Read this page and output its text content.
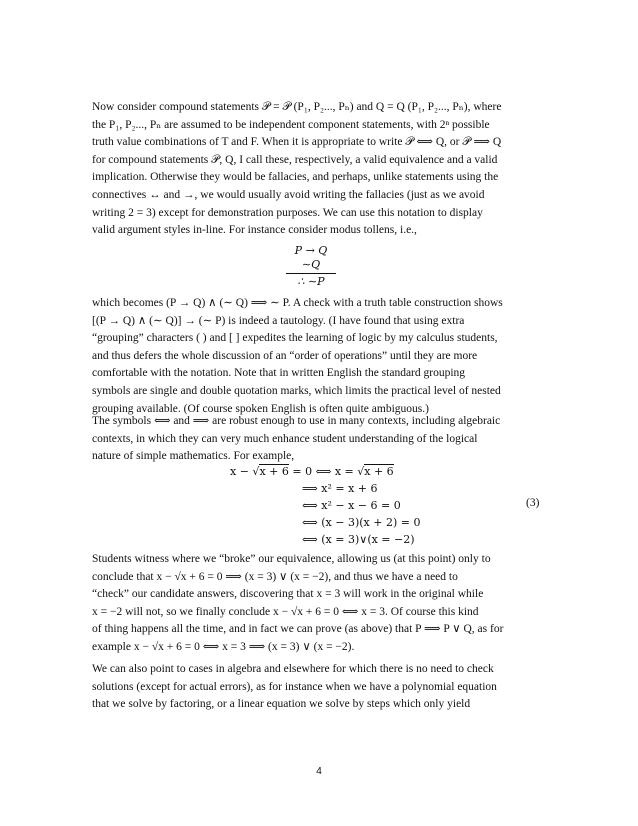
Now consider compound statements 𝒫 = 𝒫 (P₁, P₂..., Pₙ) and Q = Q (P₁, P₂..., Pₙ), where

the P₁, P₂..., Pₙ are assumed to be independent component statements, with 2ⁿ possible

truth value combinations of T and F. When it is appropriate to write 𝒫 ⟺ Q, or 𝒫 ⟹ Q

for compound statements 𝒫, Q, I call these, respectively, a valid equivalence and a valid

implication. Otherwise they would be fallacies, and perhaps, unlike statements using the

connectives ↔ and →, we would usually avoid writing the fallacies (just as we avoid

writing 2 = 3) except for demonstration purposes. We can use this notation to display

valid argument styles in-line. For instance consider modus tollens, i.e.,

P → Q
∼Q
∴ ∼P

which becomes (P → Q) ∧ (∼ Q) ⟹ ∼ P. A check with a truth table construction shows

[(P → Q) ∧ (∼ Q)] → (∼ P) is indeed a tautology. (I have found that using extra

“grouping” characters ( ) and [ ] expedites the learning of logic by my calculus students,

and thus defers the whole discussion of an “order of operations” until they are more

comfortable with the notation. Note that in written English the standard grouping

symbols are single and double quotation marks, which limits the practical level of nested

grouping available. (Of course spoken English is often quite ambiguous.)

The symbols ⟺ and ⟹ are robust enough to use in many contexts, including algebraic

contexts, in which they can very much enhance student understanding of the logical

nature of simple mathematics. For example,

x − √x + 6 = 0 ⟺ x = √x + 6
⟹ x² = x + 6
⟺ x² − x − 6 = 0
⟺ (x − 3)(x + 2) = 0
⟺ (x = 3)∨(x = −2)
(3)

Students witness where we “broke” our equivalence, allowing us (at this point) only to

conclude that x − √x + 6 = 0 ⟹ (x = 3) ∨ (x = −2), and thus we have a need to

“check” our candidate answers, discovering that x = 3 will work in the original while

x = −2 will not, so we finally conclude x − √x + 6 = 0 ⟺ x = 3. Of course this kind

of thing happens all the time, and in fact we can prove (as above) that P ⟹ P ∨ Q, as for

example x − √x + 6 = 0 ⟺ x = 3 ⟹ (x = 3) ∨ (x = −2).

We can also point to cases in algebra and elsewhere for which there is no need to check

solutions (except for actual errors), as for instance when we have a polynomial equation

that we solve by factoring, or a linear equation we solve by steps which only yield

4
